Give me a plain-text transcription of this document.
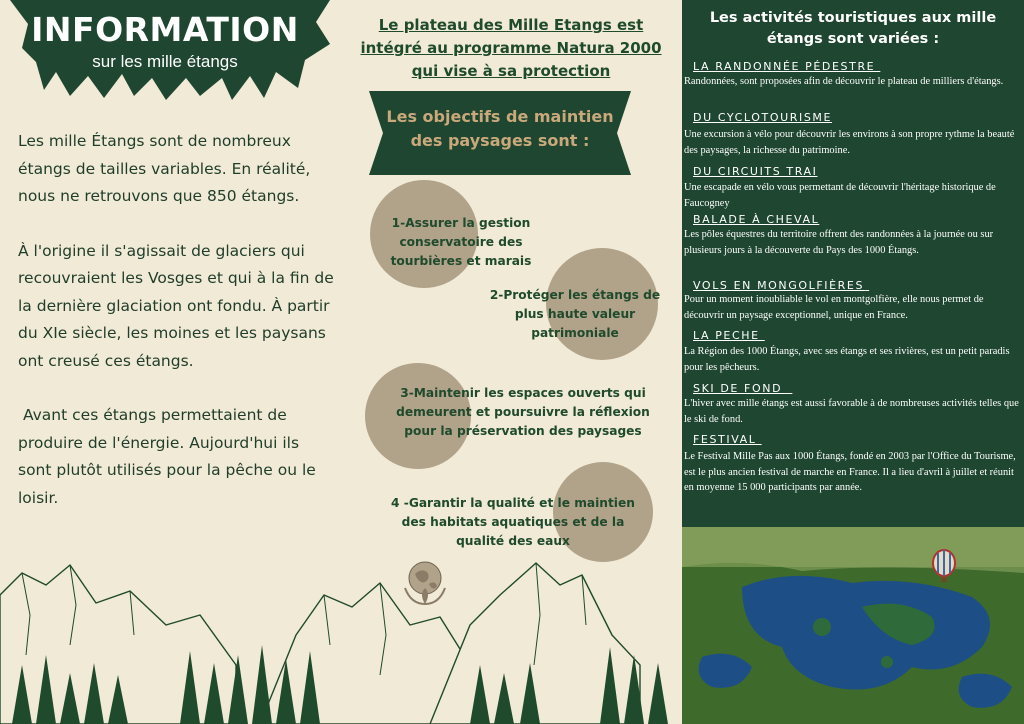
INFORMATION
sur les mille étangs

Les mille Étangs sont de nombreux étangs de tailles variables. En réalité, nous ne retrouvons que 850 étangs.

À l'origine il s'agissait de glaciers qui recouvraient les Vosges et qui à la fin de la dernière glaciation ont fondu. À partir du XIe siècle, les moines et les paysans ont creusé ces étangs.

Avant ces étangs permettaient de produire de l'énergie. Aujourd'hui ils sont plutôt utilisés pour la pêche ou le loisir.

Le plateau des Mille Etangs est intégré au programme Natura 2000 qui vise à sa protection
Les objectifs de maintien des paysages sont :
1-Assurer la gestion conservatoire des tourbières et marais
2-Protéger les étangs de plus haute valeur patrimoniale
3-Maintenir les espaces ouverts qui demeurent et poursuivre la réflexion pour la préservation des paysages
4 -Garantir la qualité et le maintien des habitats aquatiques et de la qualité des eaux
Les activités touristiques aux mille étangs sont variées :
LA RANDONNÉE PÉDESTRE
Randonnées, sont proposées afin de découvrir le plateau de milliers d'étangs.
DU CYCLOTOURISME
Une excursion à vélo pour découvrir les environs à son propre rythme la beauté des paysages, la richesse du patrimoine.
DU CIRCUITS TRAI
Une escapade en vélo vous permettant de découvrir l'héritage historique de Faucogney
BALADE À CHEVAL
Les pôles équestres du territoire offrent des randonnées à la journée ou sur plusieurs jours à la découverte du Pays des 1000 Étangs.
VOLS EN MONGOLFIÈRES
Pour un moment inoubliable le vol en montgolfière, elle nous permet de découvrir un paysage exceptionnel, unique en France.
LA PECHE
La Région des 1000 Étangs, avec ses étangs et ses rivières, est un petit paradis pour les pêcheurs.
SKI DE FOND
L'hiver avec mille étangs est aussi favorable à de nombreuses activités telles que le ski de fond.
FESTIVAL
Le Festival Mille Pas aux 1000 Étangs, fondé en 2003 par l'Office du Tourisme, est le plus ancien festival de marche en France. Il a lieu d'avril à juillet et réunit en moyenne 15 000 participants par année.
